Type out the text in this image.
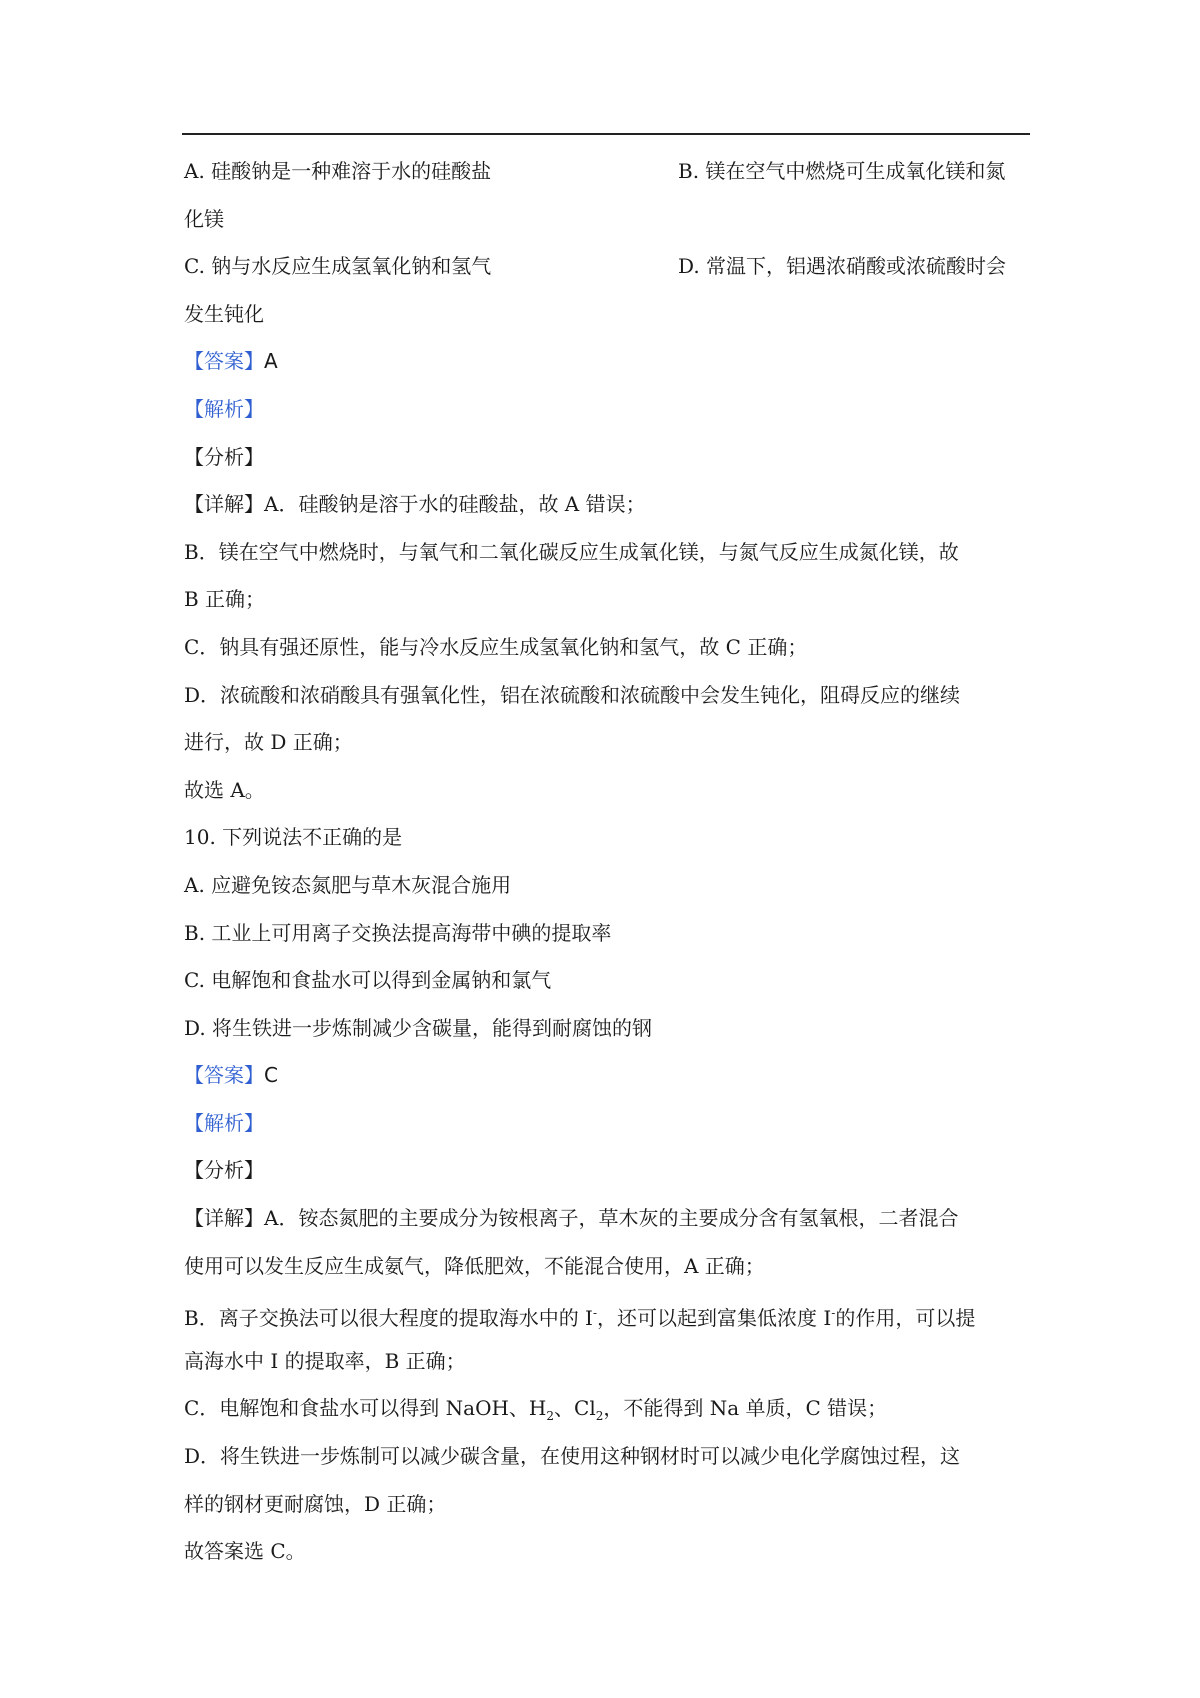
A. 硅酸钠是一种难溶于水的硅酸盐	B. 镁在空气中燃烧可生成氧化镁和氮
化镁
C. 钠与水反应生成氢氧化钠和氢气	D. 常温下，铝遇浓硝酸或浓硫酸时会
发生钝化
【答案】A
【解析】
【分析】
【详解】A．硅酸钠是溶于水的硅酸盐，故 A 错误；
B．镁在空气中燃烧时，与氧气和二氧化碳反应生成氧化镁，与氮气反应生成氮化镁，故
B 正确；
C．钠具有强还原性，能与冷水反应生成氢氧化钠和氢气，故 C 正确；
D．浓硫酸和浓硝酸具有强氧化性，铝在浓硫酸和浓硫酸中会发生钝化，阻碍反应的继续
进行，故 D 正确；
故选 A。
10. 下列说法不正确的是
A. 应避免铵态氮肥与草木灰混合施用
B. 工业上可用离子交换法提高海带中碘的提取率
C. 电解饱和食盐水可以得到金属钠和氯气
D. 将生铁进一步炼制减少含碳量，能得到耐腐蚀的钢
【答案】C
【解析】
【分析】
【详解】A．铵态氮肥的主要成分为铵根离子，草木灰的主要成分含有氢氧根，二者混合
使用可以发生反应生成氨气，降低肥效，不能混合使用，A 正确；
B．离子交换法可以很大程度的提取海水中的 I-，还可以起到富集低浓度 I-的作用，可以提
高海水中 I 的提取率，B 正确；
C．电解饱和食盐水可以得到 NaOH、$H_2$、$Cl_2$，不能得到 Na 单质，C 错误；
D．将生铁进一步炼制可以减少碳含量，在使用这种钢材时可以减少电化学腐蚀过程，这
样的钢材更耐腐蚀，D 正确；
故答案选 C。
